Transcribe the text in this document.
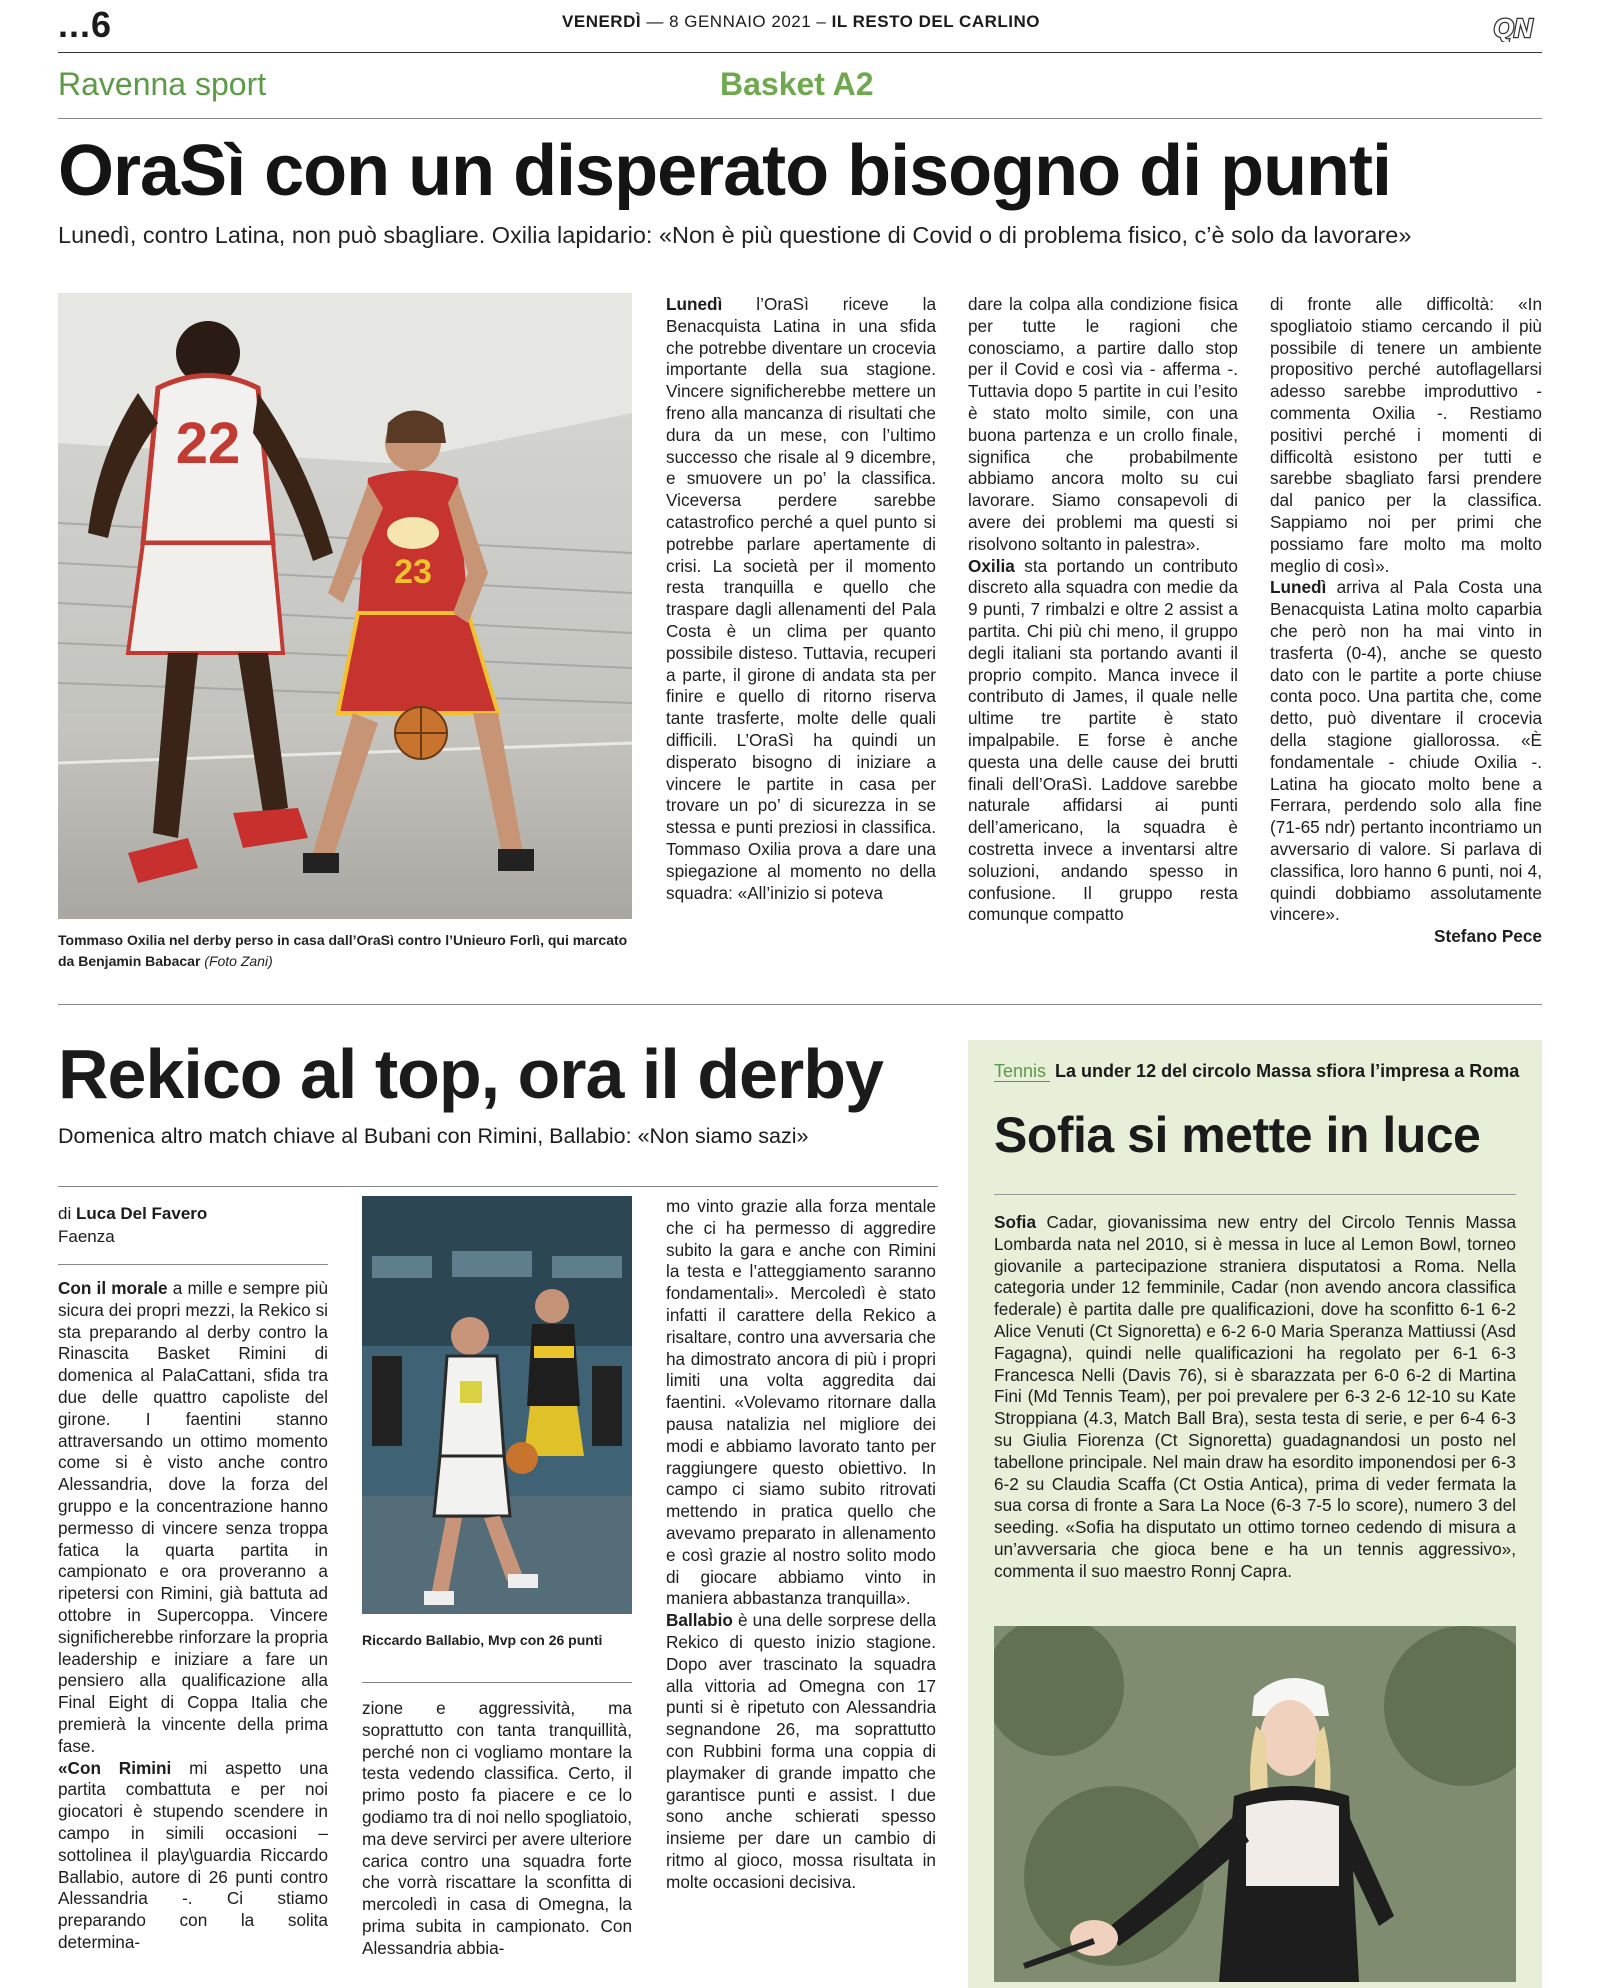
...6	VENERDÌ — 8 GENNAIO 2021 – IL RESTO DEL CARLINO	QN
Ravenna sport	Basket A2
OraSì con un disperato bisogno di punti
Lunedì, contro Latina, non può sbagliare. Oxilia lapidario: «Non è più questione di Covid o di problema fisico, c’è solo da lavorare»
22
23
Tommaso Oxilia nel derby perso in casa dall’OraSì contro l’Unieuro Forlì, qui marcato da Benjamin Babacar (Foto Zani)

Lunedì l’OraSì riceve la Benacquista Latina in una sfida che potrebbe diventare un crocevia importante della sua stagione. Vincere significherebbe mettere un freno alla mancanza di risultati che dura da un mese, con l’ultimo successo che risale al 9 dicembre, e smuovere un po’ la classifica. Viceversa perdere sarebbe catastrofico perché a quel punto si potrebbe parlare apertamente di crisi. La società per il momento resta tranquilla e quello che traspare dagli allenamenti del Pala Costa è un clima per quanto possibile disteso. Tuttavia, recuperi a parte, il girone di andata sta per finire e quello di ritorno riserva tante trasferte, molte delle quali difficili. L’OraSì ha quindi un disperato bisogno di iniziare a vincere le partite in casa per trovare un po’ di sicurezza in se stessa e punti preziosi in classifica. Tommaso Oxilia prova a dare una spiegazione al momento no della squadra: «All’inizio si poteva

dare la colpa alla condizione fisica per tutte le ragioni che conosciamo, a partire dallo stop per il Covid e così via - afferma -. Tuttavia dopo 5 partite in cui l’esito è stato molto simile, con una buona partenza e un crollo finale, significa che probabilmente abbiamo ancora molto su cui lavorare. Siamo consapevoli di avere dei problemi ma questi si risolvono soltanto in palestra».

Oxilia sta portando un contributo discreto alla squadra con medie da 9 punti, 7 rimbalzi e oltre 2 assist a partita. Chi più chi meno, il gruppo degli italiani sta portando avanti il proprio compito. Manca invece il contributo di James, il quale nelle ultime tre partite è stato impalpabile. E forse è anche questa una delle cause dei brutti finali dell’OraSì. Laddove sarebbe naturale affidarsi ai punti dell’americano, la squadra è costretta invece a inventarsi altre soluzioni, andando spesso in confusione. Il gruppo resta comunque compatto

di fronte alle difficoltà: «In spogliatoio stiamo cercando il più possibile di tenere un ambiente propositivo perché autoflagellarsi adesso sarebbe improduttivo - commenta Oxilia -. Restiamo positivi perché i momenti di difficoltà esistono per tutti e sarebbe sbagliato farsi prendere dal panico per la classifica. Sappiamo noi per primi che possiamo fare molto ma molto meglio di così».

Lunedì arriva al Pala Costa una Benacquista Latina molto caparbia che però non ha mai vinto in trasferta (0-4), anche se questo dato con le partite a porte chiuse conta poco. Una partita che, come detto, può diventare il crocevia della stagione giallorossa. «È fondamentale - chiude Oxilia -. Latina ha giocato molto bene a Ferrara, perdendo solo alla fine (71-65 ndr) pertanto incontriamo un avversario di valore. Si parlava di classifica, loro hanno 6 punti, noi 4, quindi dobbiamo assolutamente vincere».

Stefano Pece

Rekico al top, ora il derby
Domenica altro match chiave al Bubani con Rimini, Ballabio: «Non siamo sazi»
di Luca Del Favero
Faenza

Con il morale a mille e sempre più sicura dei propri mezzi, la Rekico si sta preparando al derby contro la Rinascita Basket Rimini di domenica al PalaCattani, sfida tra due delle quattro capoliste del girone. I faentini stanno attraversando un ottimo momento come si è visto anche contro Alessandria, dove la forza del gruppo e la concentrazione hanno permesso di vincere senza troppa fatica la quarta partita in campionato e ora proveranno a ripetersi con Rimini, già battuta ad ottobre in Supercoppa. Vincere significherebbe rinforzare la propria leadership e iniziare a fare un pensiero alla qualificazione alla Final Eight di Coppa Italia che premierà la vincente della prima fase.

«Con Rimini mi aspetto una partita combattuta e per noi giocatori è stupendo scendere in campo in simili occasioni – sottolinea il play\guardia Riccardo Ballabio, autore di 26 punti contro Alessandria -. Ci stiamo preparando con la solita determina-

Riccardo Ballabio, Mvp con 26 punti

zione e aggressività, ma soprattutto con tanta tranquillità, perché non ci vogliamo montare la testa vedendo classifica. Certo, il primo posto fa piacere e ce lo godiamo tra di noi nello spogliatoio, ma deve servirci per avere ulteriore carica contro una squadra forte che vorrà riscattare la sconfitta di mercoledì in casa di Omegna, la prima subita in campionato. Con Alessandria abbia-

mo vinto grazie alla forza mentale che ci ha permesso di aggredire subito la gara e anche con Rimini la testa e l’atteggiamento saranno fondamentali». Mercoledì è stato infatti il carattere della Rekico a risaltare, contro una avversaria che ha dimostrato ancora di più i propri limiti una volta aggredita dai faentini. «Volevamo ritornare dalla pausa natalizia nel migliore dei modi e abbiamo lavorato tanto per raggiungere questo obiettivo. In campo ci siamo subito ritrovati mettendo in pratica quello che avevamo preparato in allenamento e così grazie al nostro solito modo di giocare abbiamo vinto in maniera abbastanza tranquilla».

Ballabio è una delle sorprese della Rekico di questo inizio stagione. Dopo aver trascinato la squadra alla vittoria ad Omegna con 17 punti si è ripetuto con Alessandria segnandone 26, ma soprattutto con Rubbini forma una coppia di playmaker di grande impatto che garantisce punti e assist. I due sono anche schierati spesso insieme per dare un cambio di ritmo al gioco, mossa risultata in molte occasioni decisiva.

Tennis La under 12 del circolo Massa sfiora l’impresa a Roma
Sofia si mette in luce

Sofia Cadar, giovanissima new entry del Circolo Tennis Massa Lombarda nata nel 2010, si è messa in luce al Lemon Bowl, torneo giovanile a partecipazione straniera disputatosi a Roma. Nella categoria under 12 femminile, Cadar (non avendo ancora classifica federale) è partita dalle pre qualificazioni, dove ha sconfitto 6-1 6-2 Alice Venuti (Ct Signoretta) e 6-2 6-0 Maria Speranza Mattiussi (Asd Fagagna), quindi nelle qualificazioni ha regolato per 6-1 6-3 Francesca Nelli (Davis 76), si è sbarazzata per 6-0 6-2 di Martina Fini (Md Tennis Team), per poi prevalere per 6-3 2-6 12-10 su Kate Stroppiana (4.3, Match Ball Bra), sesta testa di serie, e per 6-4 6-3 su Giulia Fiorenza (Ct Signoretta) guadagnandosi un posto nel tabellone principale. Nel main draw ha esordito imponendosi per 6-3 6-2 su Claudia Scaffa (Ct Ostia Antica), prima di veder fermata la sua corsa di fronte a Sara La Noce (6-3 7-5 lo score), numero 3 del seeding. «Sofia ha disputato un ottimo torneo cedendo di misura a un’avversaria che gioca bene e ha un tennis aggressivo», commenta il suo maestro Ronnj Capra.
